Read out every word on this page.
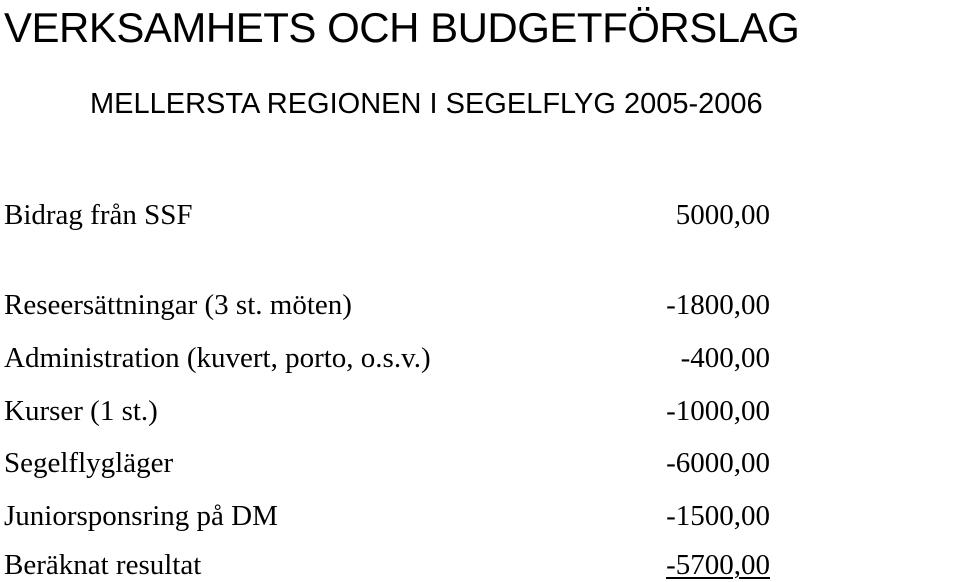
VERKSAMHETS OCH BUDGETFÖRSLAG
MELLERSTA REGIONEN I SEGELFLYG 2005-2006
Bidrag från SSF	5000,00
Reseersättningar (3 st. möten)	-1800,00
Administration (kuvert, porto, o.s.v.)	-400,00
Kurser (1 st.)	-1000,00
Segelflygläger	-6000,00
Juniorsponsring på DM	-1500,00
Beräknat resultat	-5700,00
